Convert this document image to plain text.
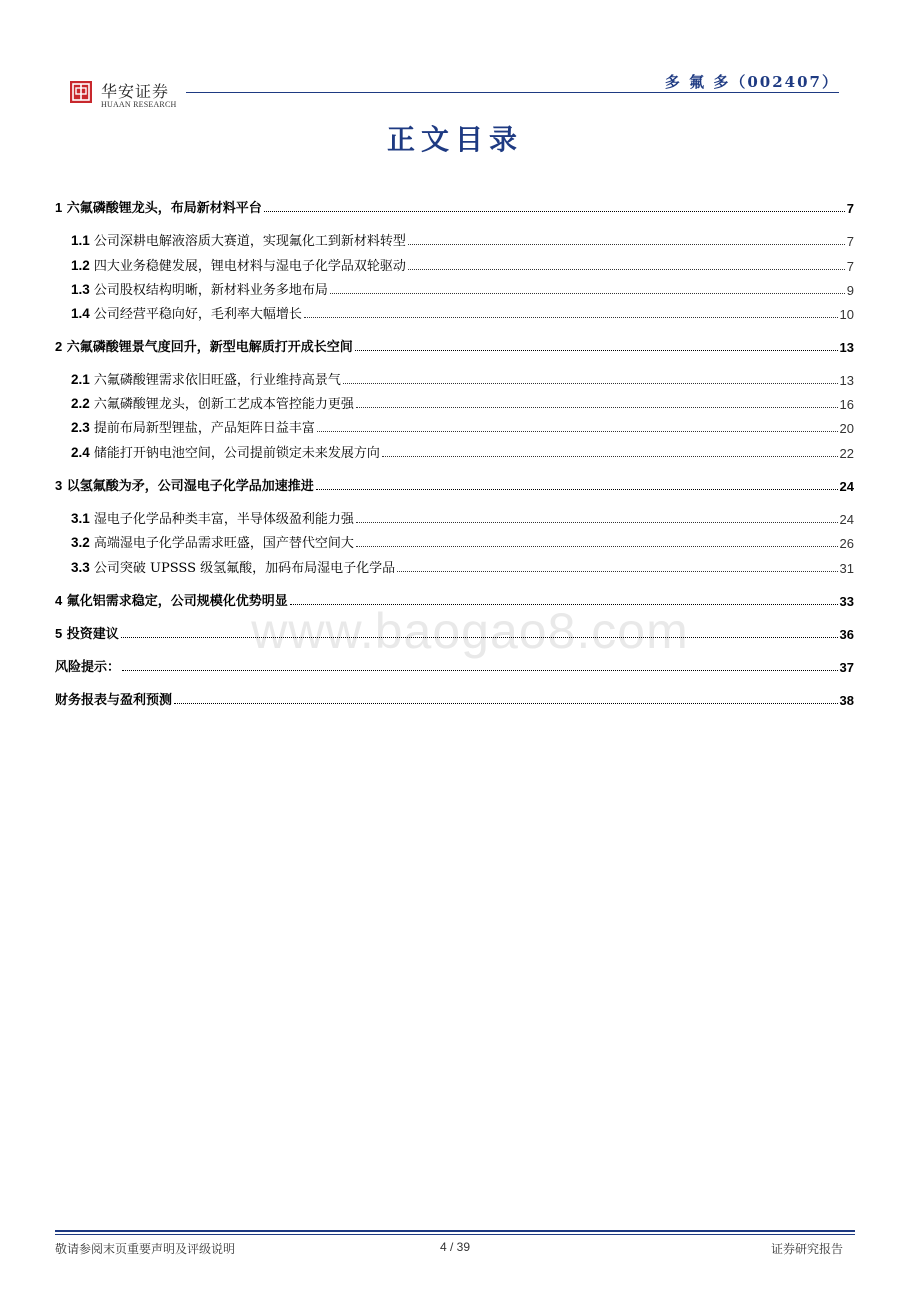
华安证券
HUAAN RESEARCH
多 氟 多（002407）
正文目录
www.baogao8.com
1 六氟磷酸锂龙头，布局新材料平台	7
1.1 公司深耕电解液溶质大赛道，实现氟化工到新材料转型	7
1.2 四大业务稳健发展，锂电材料与湿电子化学品双轮驱动	7
1.3 公司股权结构明晰，新材料业务多地布局	9
1.4 公司经营平稳向好，毛利率大幅增长	10
2 六氟磷酸锂景气度回升，新型电解质打开成长空间	13
2.1 六氟磷酸锂需求依旧旺盛，行业维持高景气	13
2.2 六氟磷酸锂龙头，创新工艺成本管控能力更强	16
2.3 提前布局新型锂盐，产品矩阵日益丰富	20
2.4 储能打开钠电池空间，公司提前锁定未来发展方向	22
3 以氢氟酸为矛，公司湿电子化学品加速推进	24
3.1 湿电子化学品种类丰富，半导体级盈利能力强	24
3.2 高端湿电子化学品需求旺盛，国产替代空间大	26
3.3 公司突破 UPSSS 级氢氟酸，加码布局湿电子化学品	31
4 氟化铝需求稳定，公司规模化优势明显	33
5 投资建议	36
风险提示：	37
财务报表与盈利预测	38
敬请参阅末页重要声明及评级说明	4 / 39	证券研究报告
